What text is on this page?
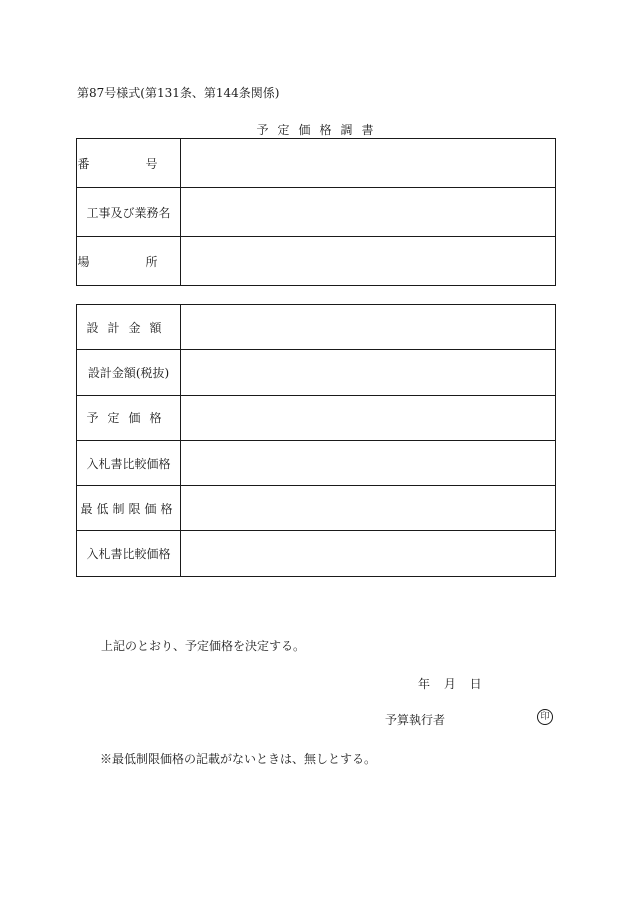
第87号様式(第131条、第144条関係)
予定価格調書
番　号	
工事及び業務名	
場　所	
設計金額	
設計金額(税抜)	
予定価格	
入札書比較価格	
最低制限価格	
入札書比較価格	
上記のとおり、予定価格を決定する。
年 月 日
予算執行者	印
※最低制限価格の記載がないときは、無しとする。
